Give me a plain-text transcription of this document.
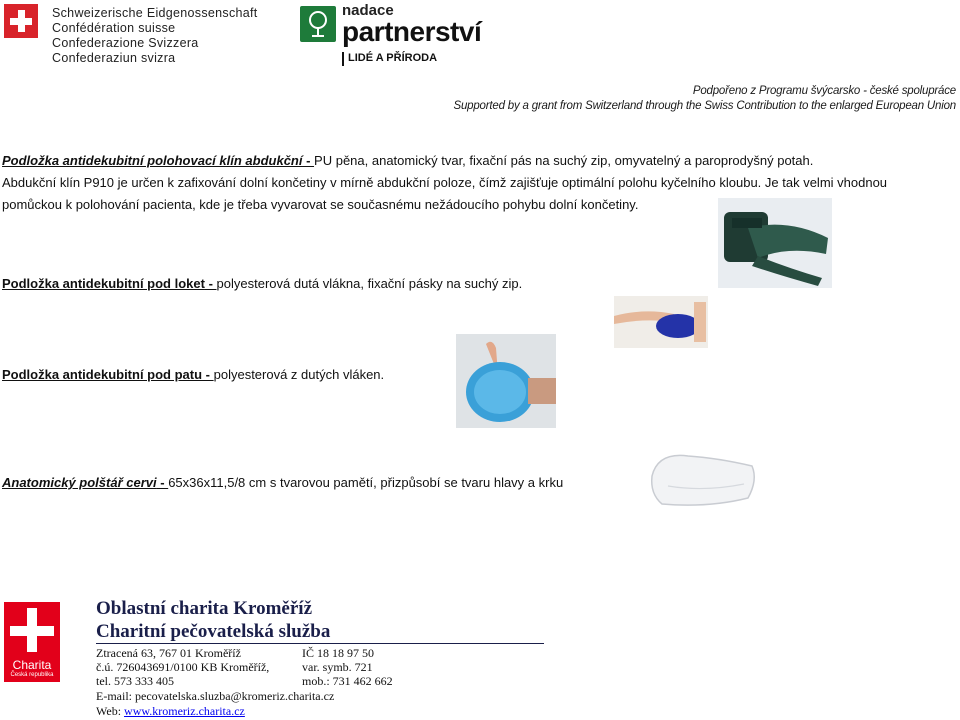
Schweizerische Eidgenossenschaft
Confédération suisse
Confederazione Svizzera
Confederaziun svizra
nadace
partnerství
LIDÉ A PŘÍRODA
Podpořeno z Programu švýcarsko - české spolupráce
Supported by a grant from Switzerland through the Swiss Contribution to the enlarged European Union
Podložka antidekubitní polohovací klín abdukční - PU pěna, anatomický tvar, fixační pás na suchý zip, omyvatelný a paroprodyšný potah.
Abdukční klín P910 je určen k zafixování dolní končetiny v mírně abdukční poloze, čímž zajišťuje optimální polohu kyčelního kloubu. Je tak velmi vhodnou
pomůckou k polohování pacienta, kde je třeba vyvarovat se současnému nežádoucího pohybu dolní končetiny.
Podložka antidekubitní pod loket - polyesterová dutá vlákna, fixační pásky na suchý zip.
Podložka antidekubitní pod patu - polyesterová z dutých vláken.
Anatomický polštář cervi - 65x36x11,5/8 cm s tvarovou pamětí, přizpůsobí se tvaru hlavy a krku
Charita
Česká republika
Oblastní charita Kroměříž
Charitní pečovatelská služba
Ztracená 63, 767 01 Kroměříž	IČ 18 18 97 50
č.ú. 726043691/0100 KB Kroměříž,	var. symb. 721
tel. 573 333 405	mob.: 731 462 662
E-mail: pecovatelska.sluzba@kromeriz.charita.cz
Web: www.kromeriz.charita.cz
